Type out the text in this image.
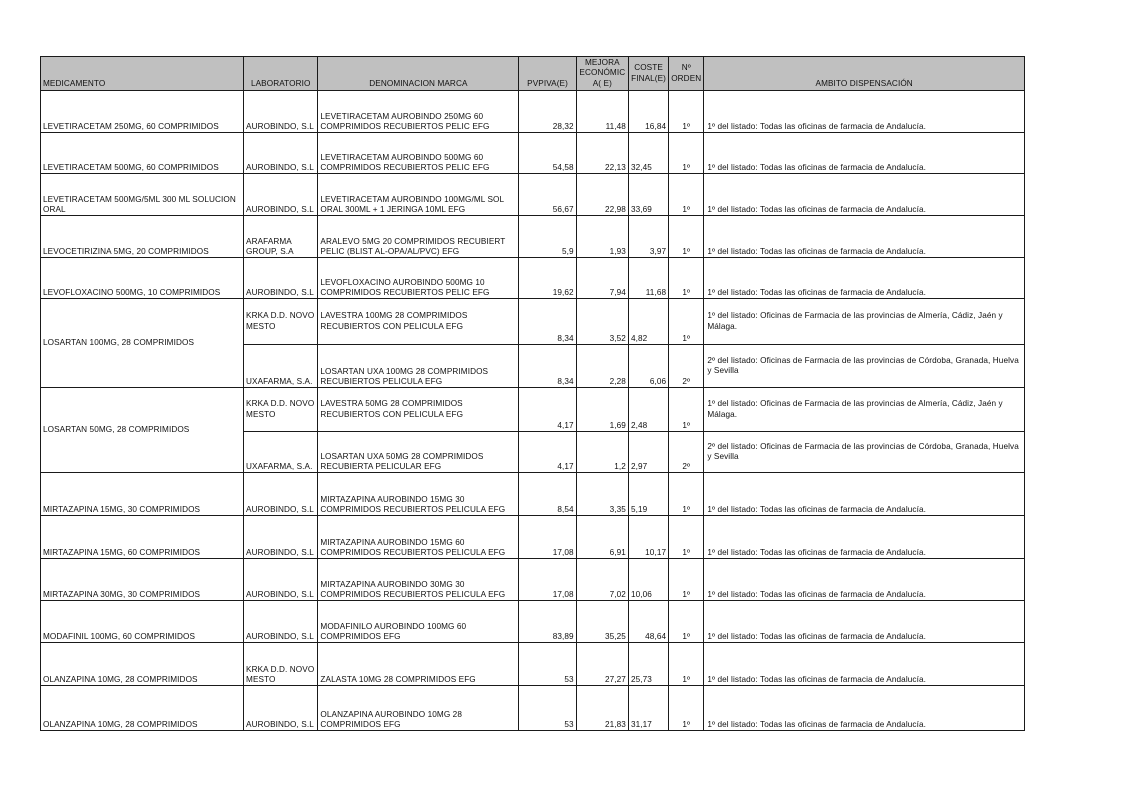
MEDICAMENTO	LABORATORIO	DENOMINACION MARCA	PVPIVA(E)	MEJORA ECONÓMICA( E)	COSTE FINAL(E)	Nº ORDEN	AMBITO DISPENSACIÓN
LEVETIRACETAM 250MG, 60 COMPRIMIDOS	AUROBINDO, S.L	LEVETIRACETAM AUROBINDO 250MG 60 COMPRIMIDOS RECUBIERTOS PELIC EFG	28,32	11,48	16,84	1º	1º del listado: Todas las oficinas de farmacia de Andalucía.
LEVETIRACETAM 500MG, 60 COMPRIMIDOS	AUROBINDO, S.L	LEVETIRACETAM AUROBINDO 500MG 60 COMPRIMIDOS RECUBIERTOS PELIC EFG	54,58	22,13	32,45	1º	1º del listado: Todas las oficinas de farmacia de Andalucía.
LEVETIRACETAM 500MG/5ML 300 ML SOLUCION ORAL	AUROBINDO, S.L	LEVETIRACETAM AUROBINDO 100MG/ML SOL ORAL 300ML + 1 JERINGA 10ML EFG	56,67	22,98	33,69	1º	1º del listado: Todas las oficinas de farmacia de Andalucía.
LEVOCETIRIZINA 5MG, 20 COMPRIMIDOS	ARAFARMA GROUP, S.A	ARALEVO 5MG 20 COMPRIMIDOS RECUBIERT PELIC (BLIST AL-OPA/AL/PVC) EFG	5,9	1,93	3,97	1º	1º del listado: Todas las oficinas de farmacia de Andalucía.
LEVOFLOXACINO 500MG, 10 COMPRIMIDOS	AUROBINDO, S.L	LEVOFLOXACINO AUROBINDO 500MG 10 COMPRIMIDOS RECUBIERTOS PELIC EFG	19,62	7,94	11,68	1º	1º del listado: Todas las oficinas de farmacia de Andalucía.
LOSARTAN 100MG, 28 COMPRIMIDOS	KRKA D.D. NOVO MESTO	LAVESTRA 100MG 28 COMPRIMIDOS RECUBIERTOS CON PELICULA EFG	8,34	3,52	4,82	1º	1º del listado: Oficinas de Farmacia de las provincias de Almería, Cádiz, Jaén y Málaga.
	UXAFARMA, S.A.	LOSARTAN UXA 100MG 28 COMPRIMIDOS RECUBIERTOS PELICULA EFG	8,34	2,28	6,06	2º	2º del listado: Oficinas de Farmacia de las provincias de Córdoba, Granada, Huelva y Sevilla
LOSARTAN 50MG, 28 COMPRIMIDOS	KRKA D.D. NOVO MESTO	LAVESTRA 50MG 28 COMPRIMIDOS RECUBIERTOS CON PELICULA EFG	4,17	1,69	2,48	1º	1º del listado: Oficinas de Farmacia de las provincias de Almería, Cádiz, Jaén y Málaga.
	UXAFARMA, S.A.	LOSARTAN UXA 50MG 28 COMPRIMIDOS RECUBIERTA PELICULAR EFG	4,17	1,2	2,97	2º	2º del listado: Oficinas de Farmacia de las provincias de Córdoba, Granada, Huelva y Sevilla
MIRTAZAPINA 15MG, 30 COMPRIMIDOS	AUROBINDO, S.L	MIRTAZAPINA AUROBINDO 15MG 30 COMPRIMIDOS RECUBIERTOS PELICULA EFG	8,54	3,35	5,19	1º	1º del listado: Todas las oficinas de farmacia de Andalucía.
MIRTAZAPINA 15MG, 60 COMPRIMIDOS	AUROBINDO, S.L	MIRTAZAPINA AUROBINDO 15MG 60 COMPRIMIDOS RECUBIERTOS PELICULA EFG	17,08	6,91	10,17	1º	1º del listado: Todas las oficinas de farmacia de Andalucía.
MIRTAZAPINA 30MG, 30 COMPRIMIDOS	AUROBINDO, S.L	MIRTAZAPINA AUROBINDO 30MG 30 COMPRIMIDOS RECUBIERTOS PELICULA EFG	17,08	7,02	10,06	1º	1º del listado: Todas las oficinas de farmacia de Andalucía.
MODAFINIL 100MG, 60 COMPRIMIDOS	AUROBINDO, S.L	MODAFINILO AUROBINDO 100MG 60 COMPRIMIDOS EFG	83,89	35,25	48,64	1º	1º del listado: Todas las oficinas de farmacia de Andalucía.
OLANZAPINA 10MG, 28 COMPRIMIDOS	KRKA D.D. NOVO MESTO	ZALASTA 10MG 28 COMPRIMIDOS EFG	53	27,27	25,73	1º	1º del listado: Todas las oficinas de farmacia de Andalucía.
OLANZAPINA 10MG, 28 COMPRIMIDOS	AUROBINDO, S.L	OLANZAPINA AUROBINDO 10MG 28 COMPRIMIDOS EFG	53	21,83	31,17	1º	1º del listado: Todas las oficinas de farmacia de Andalucía.
